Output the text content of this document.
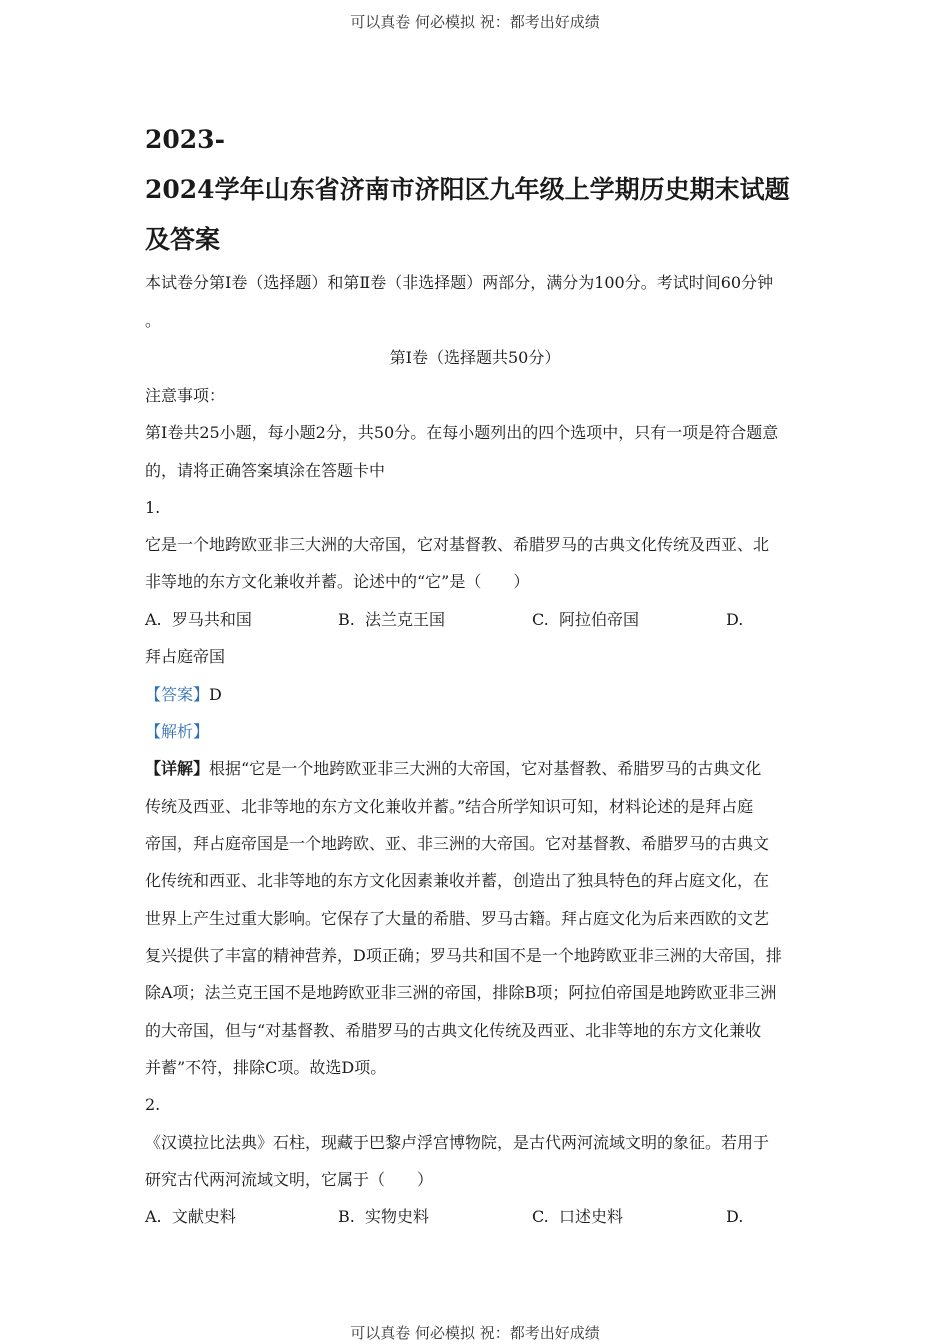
可以真卷 何必模拟 祝：都考出好成绩
2023-
2024学年山东省济南市济阳区九年级上学期历史期末试题
及答案
本试卷分第Ⅰ卷（选择题）和第Ⅱ卷（非选择题）两部分，满分为100分。考试时间60分钟
。
第Ⅰ卷（选择题共50分）
注意事项：
第Ⅰ卷共25小题，每小题2分，共50分。在每小题列出的四个选项中，只有一项是符合题意
的，请将正确答案填涂在答题卡中
1.
它是一个地跨欧亚非三大洲的大帝国，它对基督教、希腊罗马的古典文化传统及西亚、北
非等地的东方文化兼收并蓄。论述中的“它”是（　　）
A. 罗马共和国	B. 法兰克王国	C. 阿拉伯帝国	D.
拜占庭帝国
【答案】D
【解析】
【详解】根据“它是一个地跨欧亚非三大洲的大帝国，它对基督教、希腊罗马的古典文化
传统及西亚、北非等地的东方文化兼收并蓄。”结合所学知识可知，材料论述的是拜占庭
帝国，拜占庭帝国是一个地跨欧、亚、非三洲的大帝国。它对基督教、希腊罗马的古典文
化传统和西亚、北非等地的东方文化因素兼收并蓄，创造出了独具特色的拜占庭文化，在
世界上产生过重大影响。它保存了大量的希腊、罗马古籍。拜占庭文化为后来西欧的文艺
复兴提供了丰富的精神营养，D项正确；罗马共和国不是一个地跨欧亚非三洲的大帝国，排
除A项；法兰克王国不是地跨欧亚非三洲的帝国，排除B项；阿拉伯帝国是地跨欧亚非三洲
的大帝国，但与“对基督教、希腊罗马的古典文化传统及西亚、北非等地的东方文化兼收
并蓄”不符，排除C项。故选D项。
2.
《汉谟拉比法典》石柱，现藏于巴黎卢浮宫博物院，是古代两河流域文明的象征。若用于
研究古代两河流域文明，它属于（　　）
A. 文献史料	B. 实物史料	C. 口述史料	D.
可以真卷 何必模拟 祝：都考出好成绩
